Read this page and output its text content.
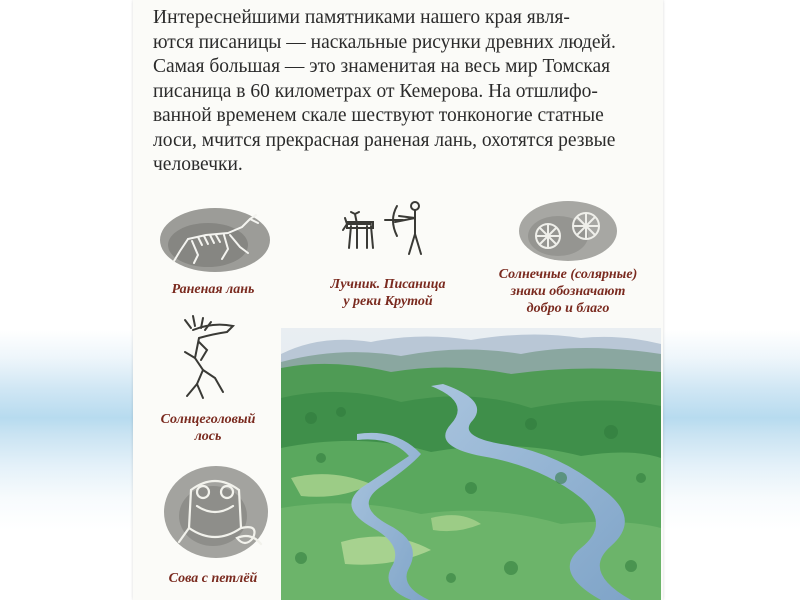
Интереснейшими памятниками нашего края явля-
ются писаницы — наскальные рисунки древних людей.
Самая большая — это знаменитая на весь мир Томская
писаница в 60 километрах от Кемерова. На отшлифо-
ванной временем скале шествуют тонконогие статные
лоси, мчится прекрасная раненая лань, охотятся резвые
человечки.

Раненая лань	Лучник. Писаница
у реки Крутой
Солнечные (солярные)
знаки обозначают
добро и благо
Солнцеголовый
лось
Сова с петлёй
